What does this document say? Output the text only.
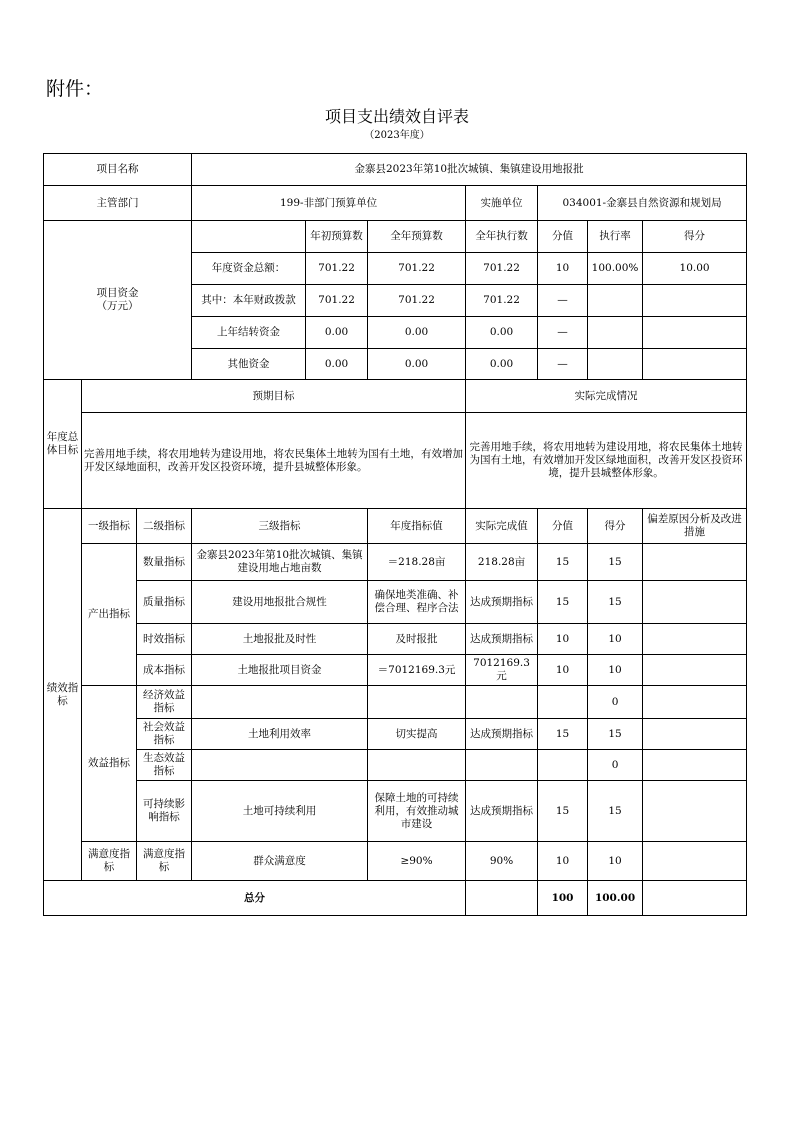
附件：
项目支出绩效自评表
（2023年度）
项目名称			金寨县2023年第10批次城镇、集镇建设用地报批						
主管部门			199-非部门预算单位			实施单位	034001-金寨县自然资源和规划局		
项目资金
（万元）				年初预算数	全年预算数	全年执行数	分值	执行率	得分
			年度资金总额：	701.22	701.22	701.22	10	100.00%	10.00
			其中：本年财政拨款	701.22	701.22	701.22	—		
			上年结转资金	0.00	0.00	0.00	—		
			其他资金	0.00	0.00	0.00	—		
年度总体目标	预期目标					实际完成情况			
	完善用地手续，将农用地转为建设用地，将农民集体土地转为国有土地，有效增加开发区绿地面积，改善开发区投资环境，提升县城整体形象。					完善用地手续，将农用地转为建设用地，将农民集体土地转为国有土地，有效增加开发区绿地面积，改善开发区投资环境，提升县城整体形象。			
绩效指标	一级指标	二级指标	三级指标		年度指标值	实际完成值	分值	得分	偏差原因分析及改进措施
	产出指标	数量指标	金寨县2023年第10批次城镇、集镇建设用地占地亩数		＝218.28亩	218.28亩	15	15	
		质量指标	建设用地报批合规性		确保地类准确、补偿合理、程序合法	达成预期指标	15	15	
		时效指标	土地报批及时性		及时报批	达成预期指标	10	10	
		成本指标	土地报批项目资金		＝7012169.3元	7012169.3元	10	10	
	效益指标	经济效益指标						0	
		社会效益指标	土地利用效率		切实提高	达成预期指标	15	15	
		生态效益指标						0	
		可持续影响指标	土地可持续利用		保障土地的可持续利用，有效推动城市建设	达成预期指标	15	15	
	满意度指标	满意度指标	群众满意度		≥90%	90%	10	10	
总分							100	100.00	
